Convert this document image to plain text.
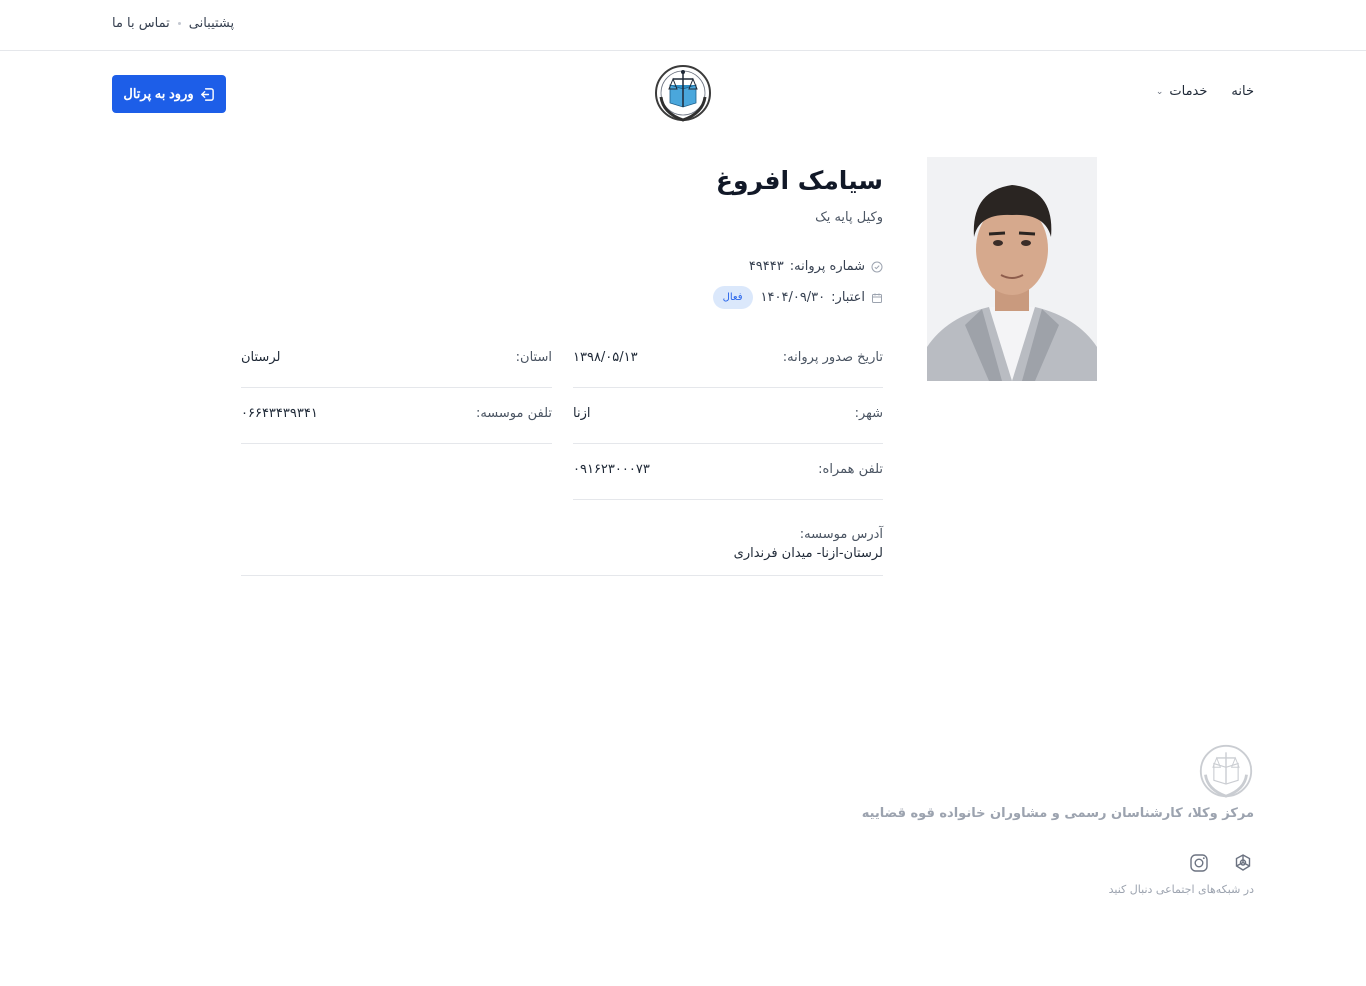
پشتیبانی
تماس با ما
ورود به پرتال	خانه
خدمات
⌄
سیامک افروغ
وکیل پایه یک
شماره پروانه:
۴۹۴۴۳
اعتبار:
۱۴۰۴/۰۹/۳۰
فعال
تاریخ صدور پروانه:
۱۳۹۸/۰۵/۱۳
استان:
لرستان
شهر:
ازنا
تلفن موسسه:
۰۶۶۴۳۴۳۹۳۴۱
تلفن همراه:
۰۹۱۶۲۳۰۰۰۷۳
آدرس موسسه:
لرستان-ازنا- میدان فرنداری
مرکز وکلا، کارشناسان رسمی و مشاوران خانواده قوه قضاییه
در شبکه‌های اجتماعی دنبال کنید
